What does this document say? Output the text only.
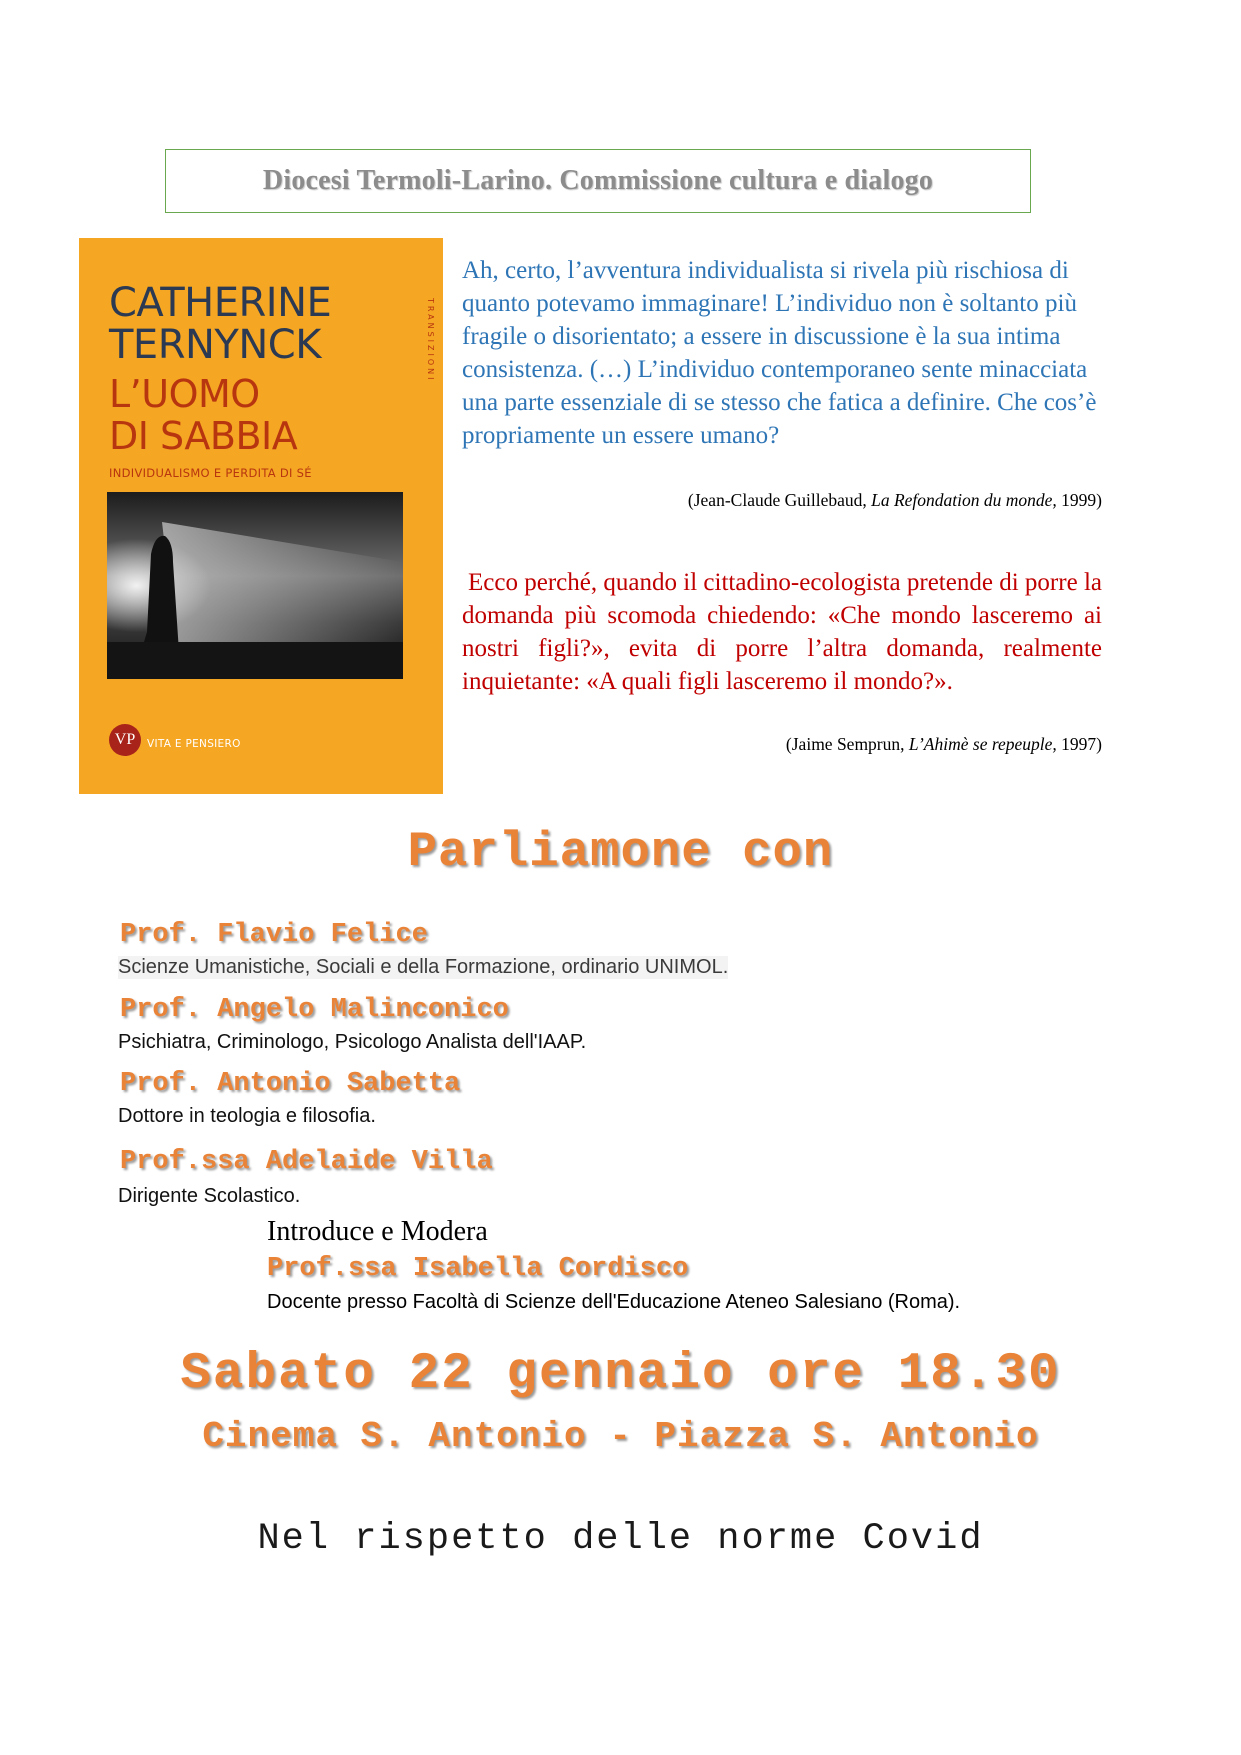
Diocesi Termoli-Larino. Commissione cultura e dialogo
CATHERINE
TERNYNCK
L’UOMO
DI SABBIA
INDIVIDUALISMO E PERDITA DI SÉ
TRANSIZIONI
VP	VITA E PENSIERO
Ah, certo, l’avventura individualista si rivela più rischiosa di quanto potevamo immaginare! L’individuo non è soltanto più fragile o disorientato; a essere in discussione è la sua intima consistenza. (…) L’individuo contemporaneo sente minacciata una parte essenziale di se stesso che fatica a definire. Che cos’è propriamente un essere umano?
(Jean-Claude Guillebaud, La Refondation du monde, 1999)
Ecco perché, quando il cittadino-ecologista pretende di porre la domanda più scomoda chiedendo: «Che mondo lasceremo ai nostri figli?», evita di porre l’altra domanda, realmente inquietante: «A quali figli lasceremo il mondo?».
(Jaime Semprun, L’Ahimè se repeuple, 1997)
Parliamone con
Prof. Flavio Felice
Scienze Umanistiche, Sociali e della Formazione, ordinario UNIMOL.
Prof. Angelo Malinconico
Psichiatra, Criminologo, Psicologo Analista dell'IAAP.
Prof. Antonio Sabetta
Dottore in teologia e filosofia.
Prof.ssa Adelaide Villa
Dirigente Scolastico.
Introduce e Modera
Prof.ssa Isabella Cordisco
Docente presso Facoltà di Scienze dell'Educazione Ateneo Salesiano (Roma).
Sabato 22 gennaio ore 18.30
Cinema S. Antonio - Piazza S. Antonio
Nel rispetto delle norme Covid
